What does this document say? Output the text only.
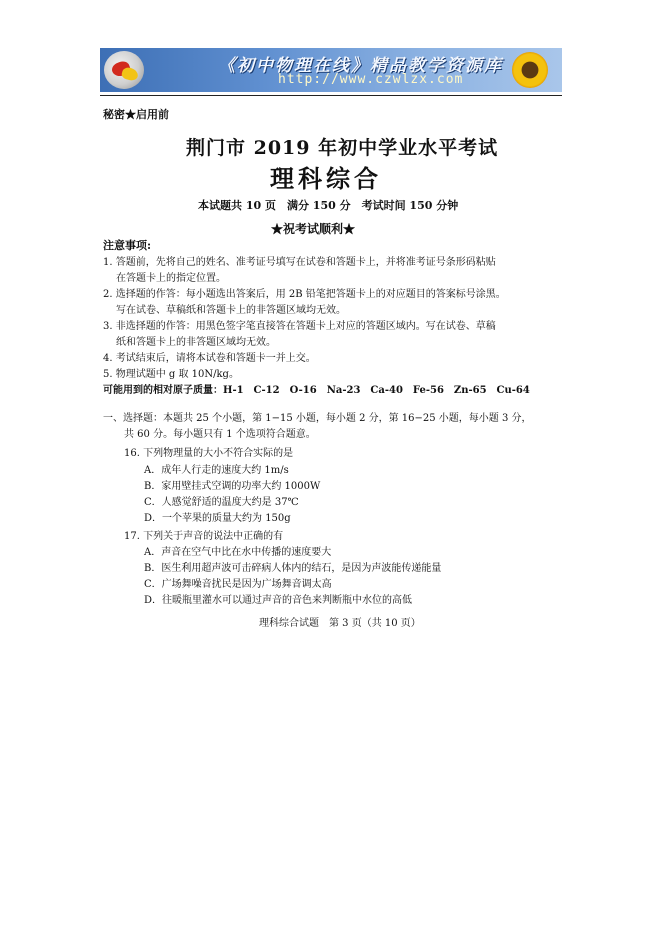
《初中物理在线》精品教学资源库
http://www.czwlzx.com
秘密★启用前
荆门市 2019 年初中学业水平考试
理科综合
本试题共 10 页　满分 150 分　考试时间 150 分钟
★祝考试顺利★
注意事项:
1. 答题前，先将自己的姓名、准考证号填写在试卷和答题卡上，并将准考证号条形码粘贴
在答题卡上的指定位置。
2. 选择题的作答：每小题选出答案后，用 2B 铅笔把答题卡上的对应题目的答案标号涂黑。
写在试卷、草稿纸和答题卡上的非答题区域均无效。
3. 非选择题的作答：用黑色签字笔直接答在答题卡上对应的答题区域内。写在试卷、草稿
纸和答题卡上的非答题区域均无效。
4. 考试结束后，请将本试卷和答题卡一并上交。
5. 物理试题中 g 取 10N/kg。
可能用到的相对原子质量：H-1　C-12　O-16　Na-23　Ca-40　Fe-56　Zn-65　Cu-64
一、选择题：本题共 25 个小题，第 1−15 小题，每小题 2 分，第 16−25 小题，每小题 3 分，
共 60 分。每小题只有 1 个选项符合题意。
16. 下列物理量的大小不符合实际的是
A．成年人行走的速度大约 1m/s
B．家用壁挂式空调的功率大约 1000W
C．人感觉舒适的温度大约是 37℃
D．一个苹果的质量大约为 150g
17. 下列关于声音的说法中正确的有
A．声音在空气中比在水中传播的速度要大
B．医生利用超声波可击碎病人体内的结石，是因为声波能传递能量
C．广场舞噪音扰民是因为广场舞音调太高
D．往暖瓶里灌水可以通过声音的音色来判断瓶中水位的高低
理科综合试题　第 3 页（共 10 页）
